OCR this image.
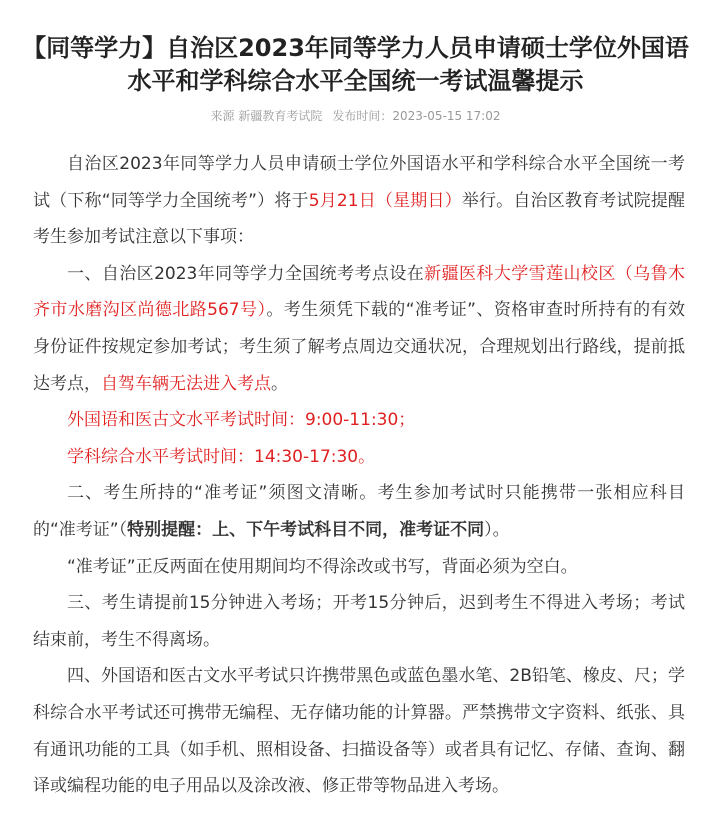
【同等学力】自治区2023年同等学力人员申请硕士学位外国语水平和学科综合水平全国统一考试温馨提示
来源 新疆教育考试院 发布时间：2023-05-15 17:02

自治区2023年同等学力人员申请硕士学位外国语水平和学科综合水平全国统一考试（下称“同等学力全国统考”）将于5月21日（星期日）举行。自治区教育考试院提醒考生参加考试注意以下事项：

一、自治区2023年同等学力全国统考考点设在新疆医科大学雪莲山校区（乌鲁木齐市水磨沟区尚德北路567号）。考生须凭下载的“准考证”、资格审查时所持有的有效身份证件按规定参加考试；考生须了解考点周边交通状况，合理规划出行路线，提前抵达考点，自驾车辆无法进入考点。

外国语和医古文水平考试时间：9:00-11:30；

学科综合水平考试时间：14:30-17:30。

二、考生所持的“准考证”须图文清晰。考生参加考试时只能携带一张相应科目的“准考证”（特别提醒：上、下午考试科目不同，准考证不同）。

“准考证”正反两面在使用期间均不得涂改或书写，背面必须为空白。

三、考生请提前15分钟进入考场；开考15分钟后，迟到考生不得进入考场；考试结束前，考生不得离场。

四、外国语和医古文水平考试只许携带黑色或蓝色墨水笔、2B铅笔、橡皮、尺；学科综合水平考试还可携带无编程、无存储功能的计算器。严禁携带文字资料、纸张、具有通讯功能的工具（如手机、照相设备、扫描设备等）或者具有记忆、存储、查询、翻译或编程功能的电子用品以及涂改液、修正带等物品进入考场。
